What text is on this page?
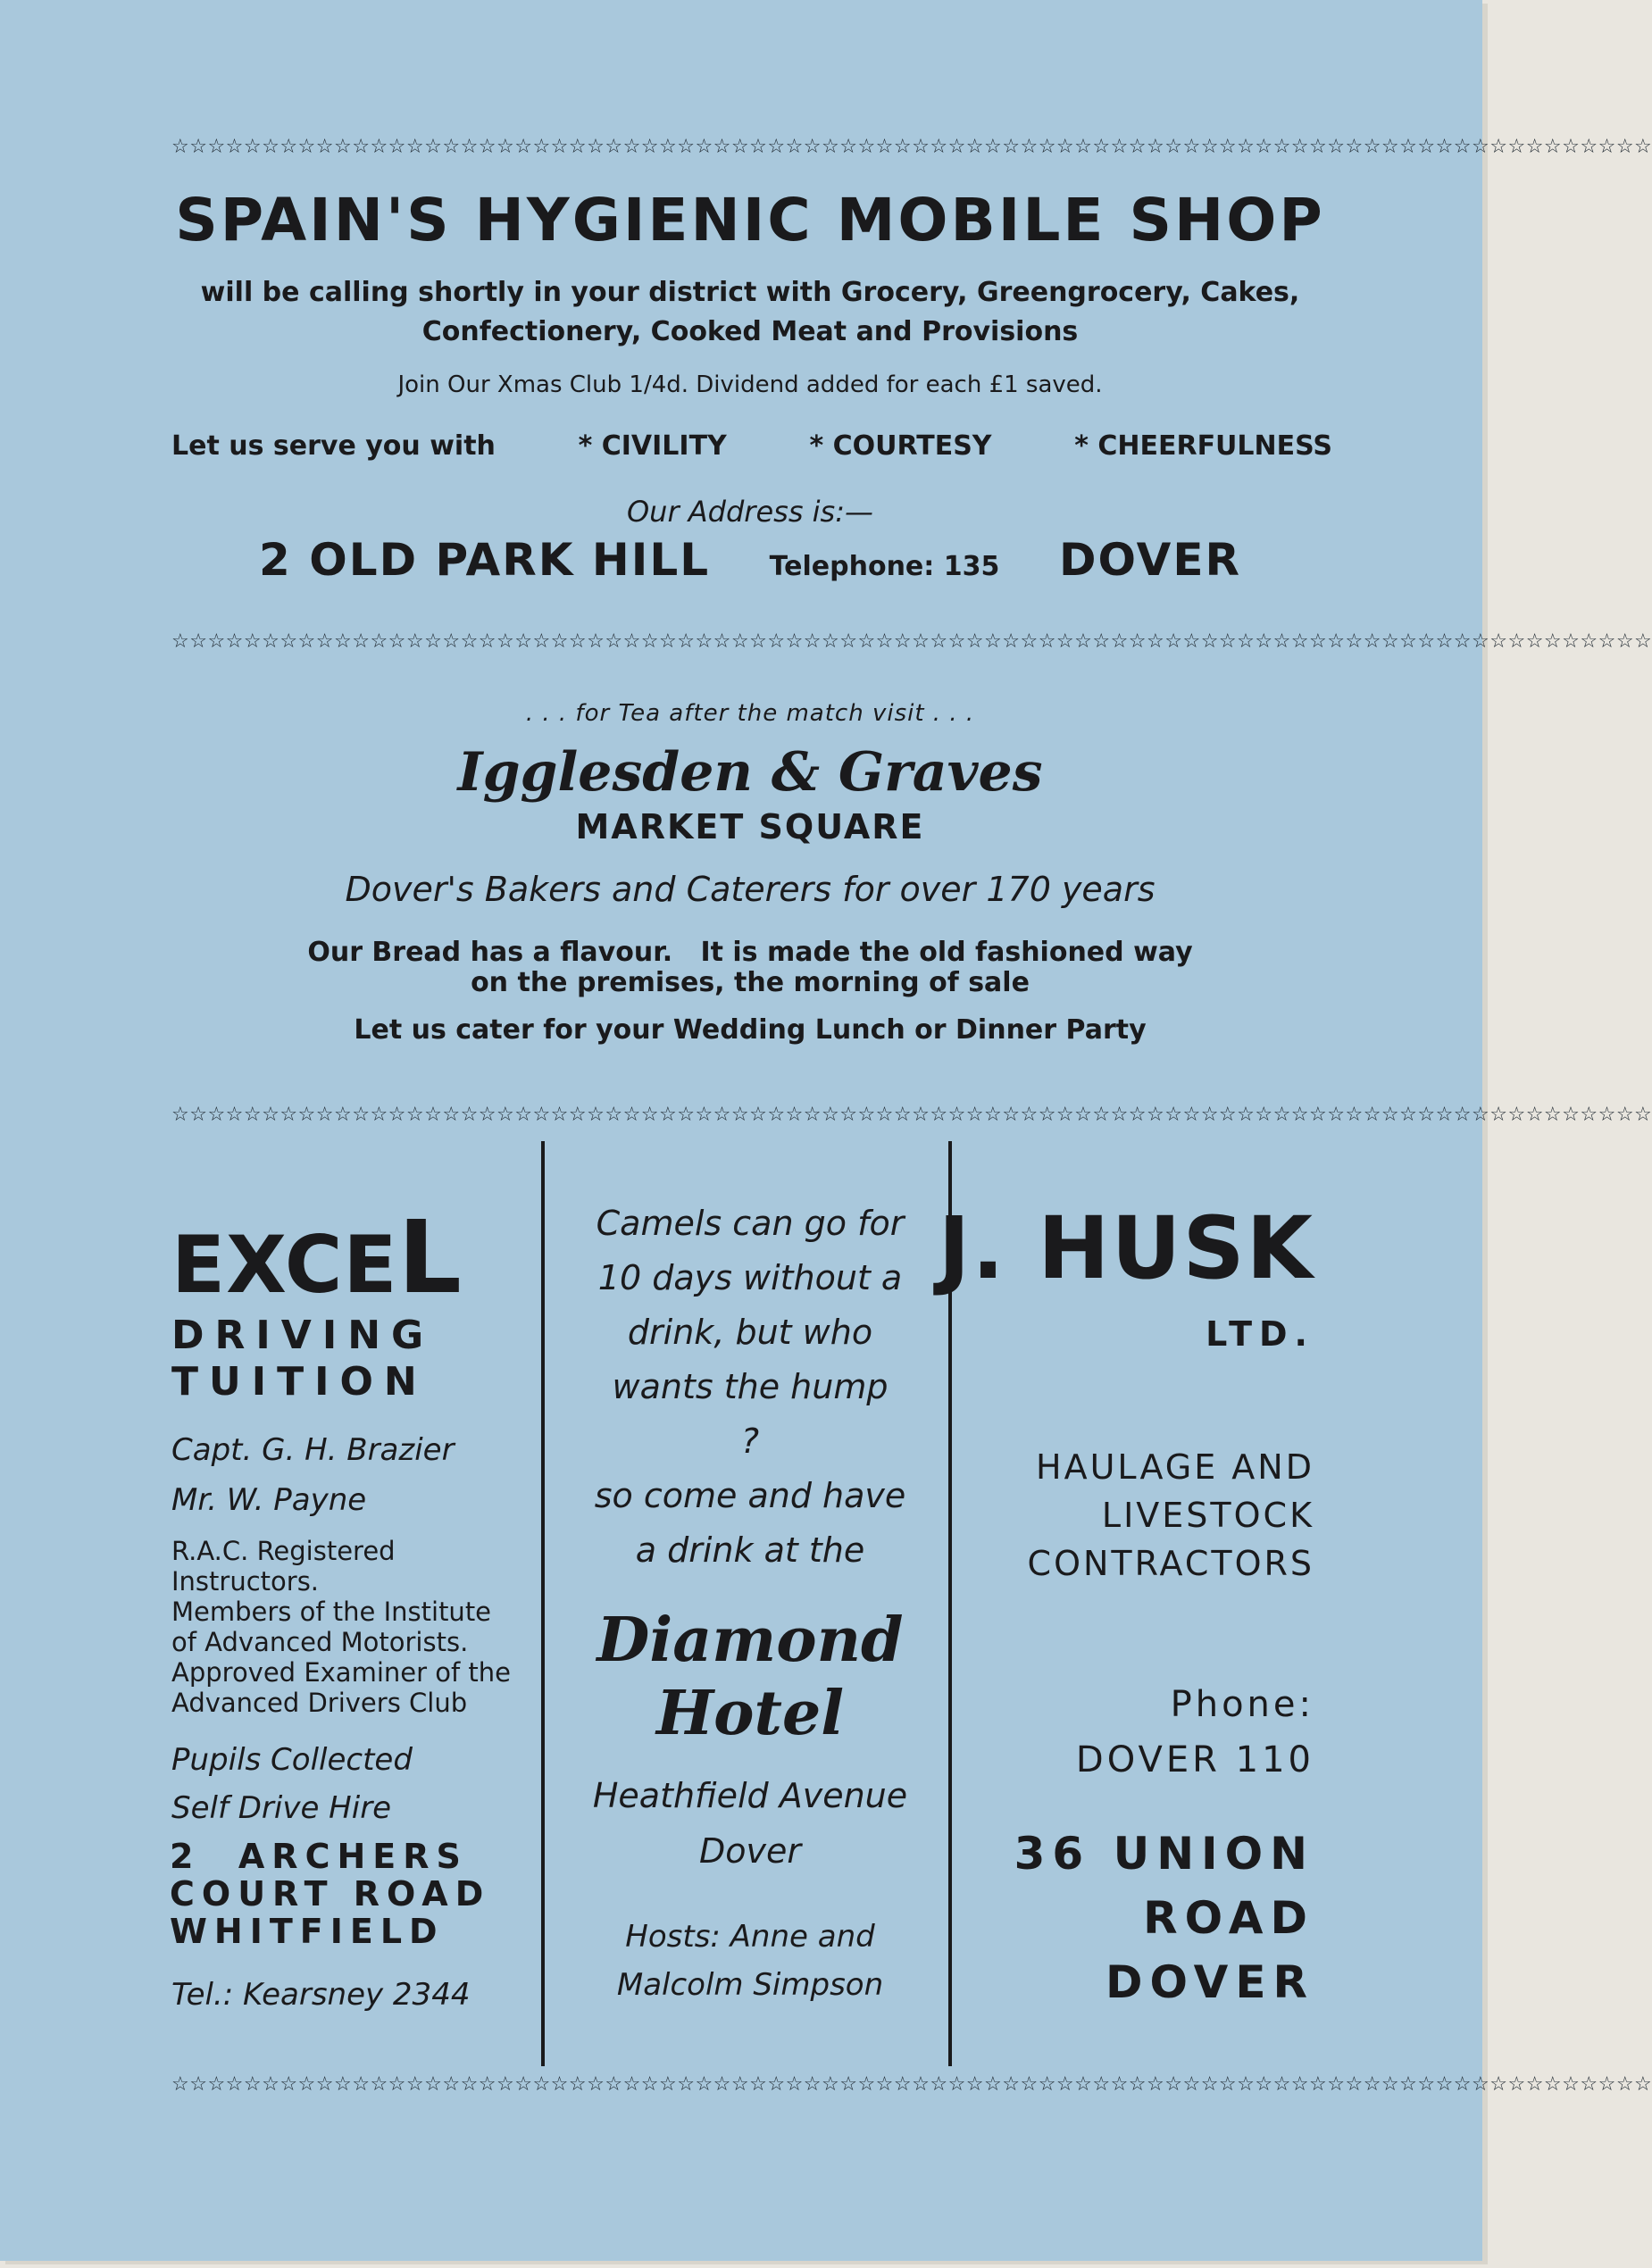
☆☆☆☆☆☆☆☆☆☆☆☆☆☆☆☆☆☆☆☆☆☆☆☆☆☆☆☆☆☆☆☆☆☆☆☆☆☆☆☆☆☆☆☆☆☆☆☆☆☆☆☆☆☆☆☆☆☆☆☆☆☆☆☆☆☆☆☆☆☆☆☆☆☆☆☆☆☆☆☆☆☆
SPAIN'S HYGIENIC MOBILE SHOP
will be calling shortly in your district with Grocery, Greengrocery, Cakes,
Confectionery, Cooked Meat and Provisions
Join Our Xmas Club 1/4d. Dividend added for each £1 saved.
Let us serve you with	* CIVILITY	* COURTESY	* CHEERFULNESS
Our Address is:—
2 OLD PARK HILL Telephone: 135 DOVER
☆☆☆☆☆☆☆☆☆☆☆☆☆☆☆☆☆☆☆☆☆☆☆☆☆☆☆☆☆☆☆☆☆☆☆☆☆☆☆☆☆☆☆☆☆☆☆☆☆☆☆☆☆☆☆☆☆☆☆☆☆☆☆☆☆☆☆☆☆☆☆☆☆☆☆☆☆☆☆☆☆☆
. . . for Tea after the match visit . . .
Igglesden & Graves
MARKET SQUARE
Dover's Bakers and Caterers for over 170 years
Our Bread has a flavour.   It is made the old fashioned way
on the premises, the morning of sale
Let us cater for your Wedding Lunch or Dinner Party
☆☆☆☆☆☆☆☆☆☆☆☆☆☆☆☆☆☆☆☆☆☆☆☆☆☆☆☆☆☆☆☆☆☆☆☆☆☆☆☆☆☆☆☆☆☆☆☆☆☆☆☆☆☆☆☆☆☆☆☆☆☆☆☆☆☆☆☆☆☆☆☆☆☆☆☆☆☆☆☆☆☆
EXCEL
DRIVING
TUITION
Capt. G. H. Brazier
Mr. W. Payne
R.A.C. Registered
Instructors.
Members of the Institute
of Advanced Motorists.
Approved Examiner of the
Advanced Drivers Club
Pupils Collected
Self Drive Hire
2  ARCHERS
COURT ROAD
WHITFIELD
Tel.: Kearsney 2344
Camels can go for
10 days without a
drink, but who
wants the hump
?
so come and have
a drink at the
Diamond
Hotel
Heathfield Avenue
Dover
Hosts: Anne and
Malcolm Simpson
J. HUSK
LTD.
HAULAGE AND
LIVESTOCK
CONTRACTORS
Phone:
DOVER 110
36 UNION
ROAD
DOVER
☆☆☆☆☆☆☆☆☆☆☆☆☆☆☆☆☆☆☆☆☆☆☆☆☆☆☆☆☆☆☆☆☆☆☆☆☆☆☆☆☆☆☆☆☆☆☆☆☆☆☆☆☆☆☆☆☆☆☆☆☆☆☆☆☆☆☆☆☆☆☆☆☆☆☆☆☆☆☆☆☆☆
